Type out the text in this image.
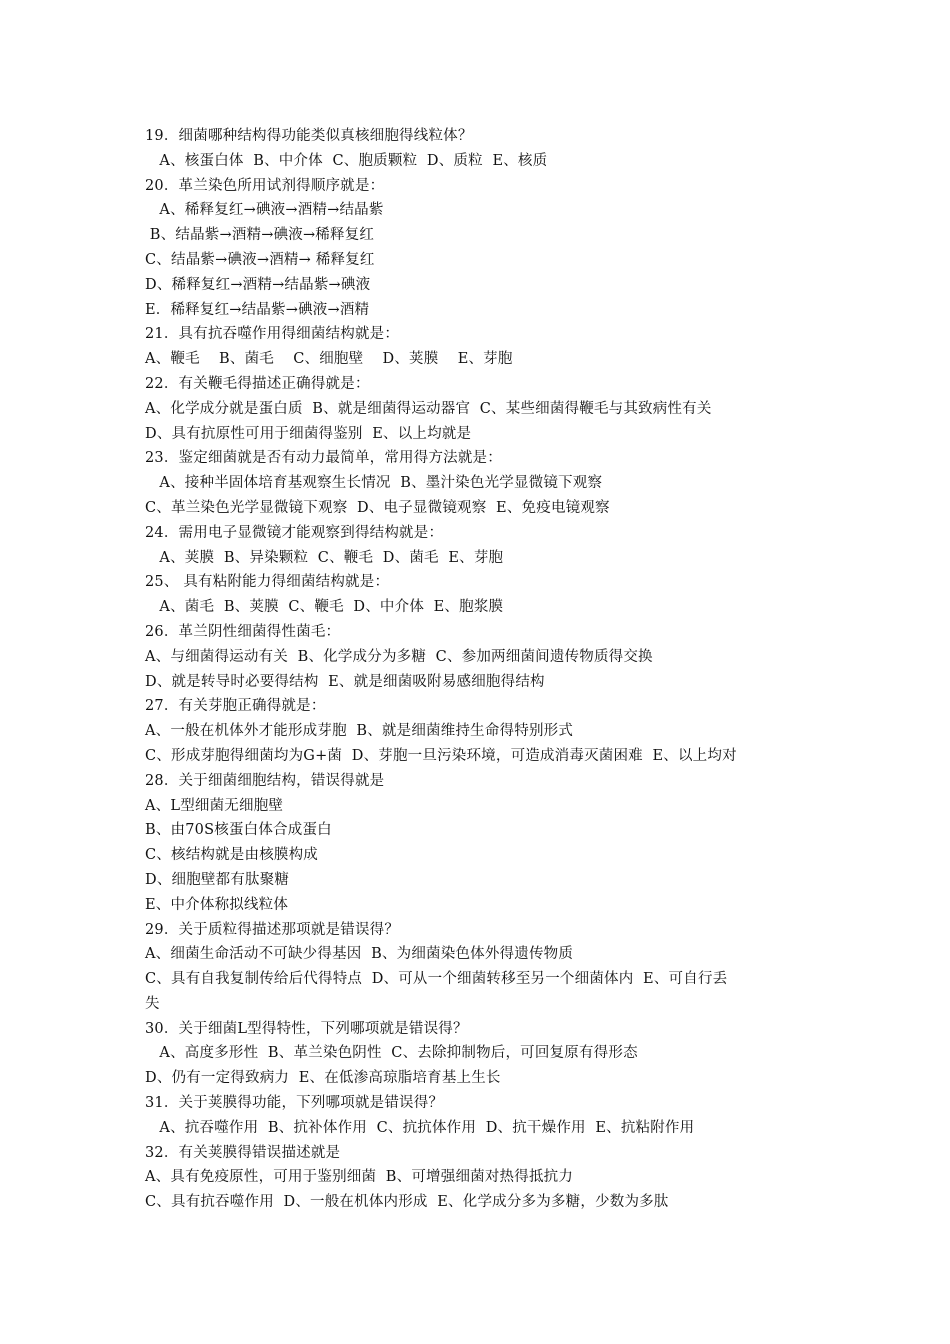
19．细菌哪种结构得功能类似真核细胞得线粒体？
A、核蛋白体  B、中介体  C、胞质颗粒  D、质粒  E、核质
20．革兰染色所用试剂得顺序就是：
A、稀释复红→碘液→酒精→结晶紫
B、结晶紫→酒精→碘液→稀释复红
C、结晶紫→碘液→酒精→ 稀释复红
D、稀释复红→酒精→结晶紫→碘液
E．稀释复红→结晶紫→碘液→酒精
21．具有抗吞噬作用得细菌结构就是：
A、鞭毛    B、菌毛    C、细胞壁    D、荚膜    E、芽胞
22．有关鞭毛得描述正确得就是：
A、化学成分就是蛋白质  B、就是细菌得运动器官  C、某些细菌得鞭毛与其致病性有关
D、具有抗原性可用于细菌得鉴别  E、以上均就是
23．鉴定细菌就是否有动力最简单，常用得方法就是：
A、接种半固体培育基观察生长情况  B、墨汁染色光学显微镜下观察
C、革兰染色光学显微镜下观察  D、电子显微镜观察  E、免疫电镜观察
24．需用电子显微镜才能观察到得结构就是：
A、荚膜  B、异染颗粒  C、鞭毛  D、菌毛  E、芽胞
25、 具有粘附能力得细菌结构就是：
A、菌毛  B、荚膜  C、鞭毛  D、中介体  E、胞浆膜
26．革兰阴性细菌得性菌毛：
A、与细菌得运动有关  B、化学成分为多糖  C、参加两细菌间遗传物质得交换
D、就是转导时必要得结构  E、就是细菌吸附易感细胞得结构
27．有关芽胞正确得就是：
A、一般在机体外才能形成芽胞  B、就是细菌维持生命得特别形式
C、形成芽胞得细菌均为G+菌  D、芽胞一旦污染环境，可造成消毒灭菌困难  E、以上均对
28．关于细菌细胞结构，错误得就是
A、L型细菌无细胞壁
B、由70S核蛋白体合成蛋白
C、核结构就是由核膜构成
D、细胞壁都有肽聚糖
E、中介体称拟线粒体
29．关于质粒得描述那项就是错误得？
A、细菌生命活动不可缺少得基因  B、为细菌染色体外得遗传物质
C、具有自我复制传给后代得特点  D、可从一个细菌转移至另一个细菌体内  E、可自行丢
失
30．关于细菌L型得特性，下列哪项就是错误得？
A、高度多形性  B、革兰染色阴性  C、去除抑制物后，可回复原有得形态
D、仍有一定得致病力  E、在低渗高琼脂培育基上生长
31．关于荚膜得功能，下列哪项就是错误得？
A、抗吞噬作用  B、抗补体作用  C、抗抗体作用  D、抗干燥作用  E、抗粘附作用
32．有关荚膜得错误描述就是
A、具有免疫原性，可用于鉴别细菌  B、可增强细菌对热得抵抗力
C、具有抗吞噬作用  D、一般在机体内形成  E、化学成分多为多糖，少数为多肽
